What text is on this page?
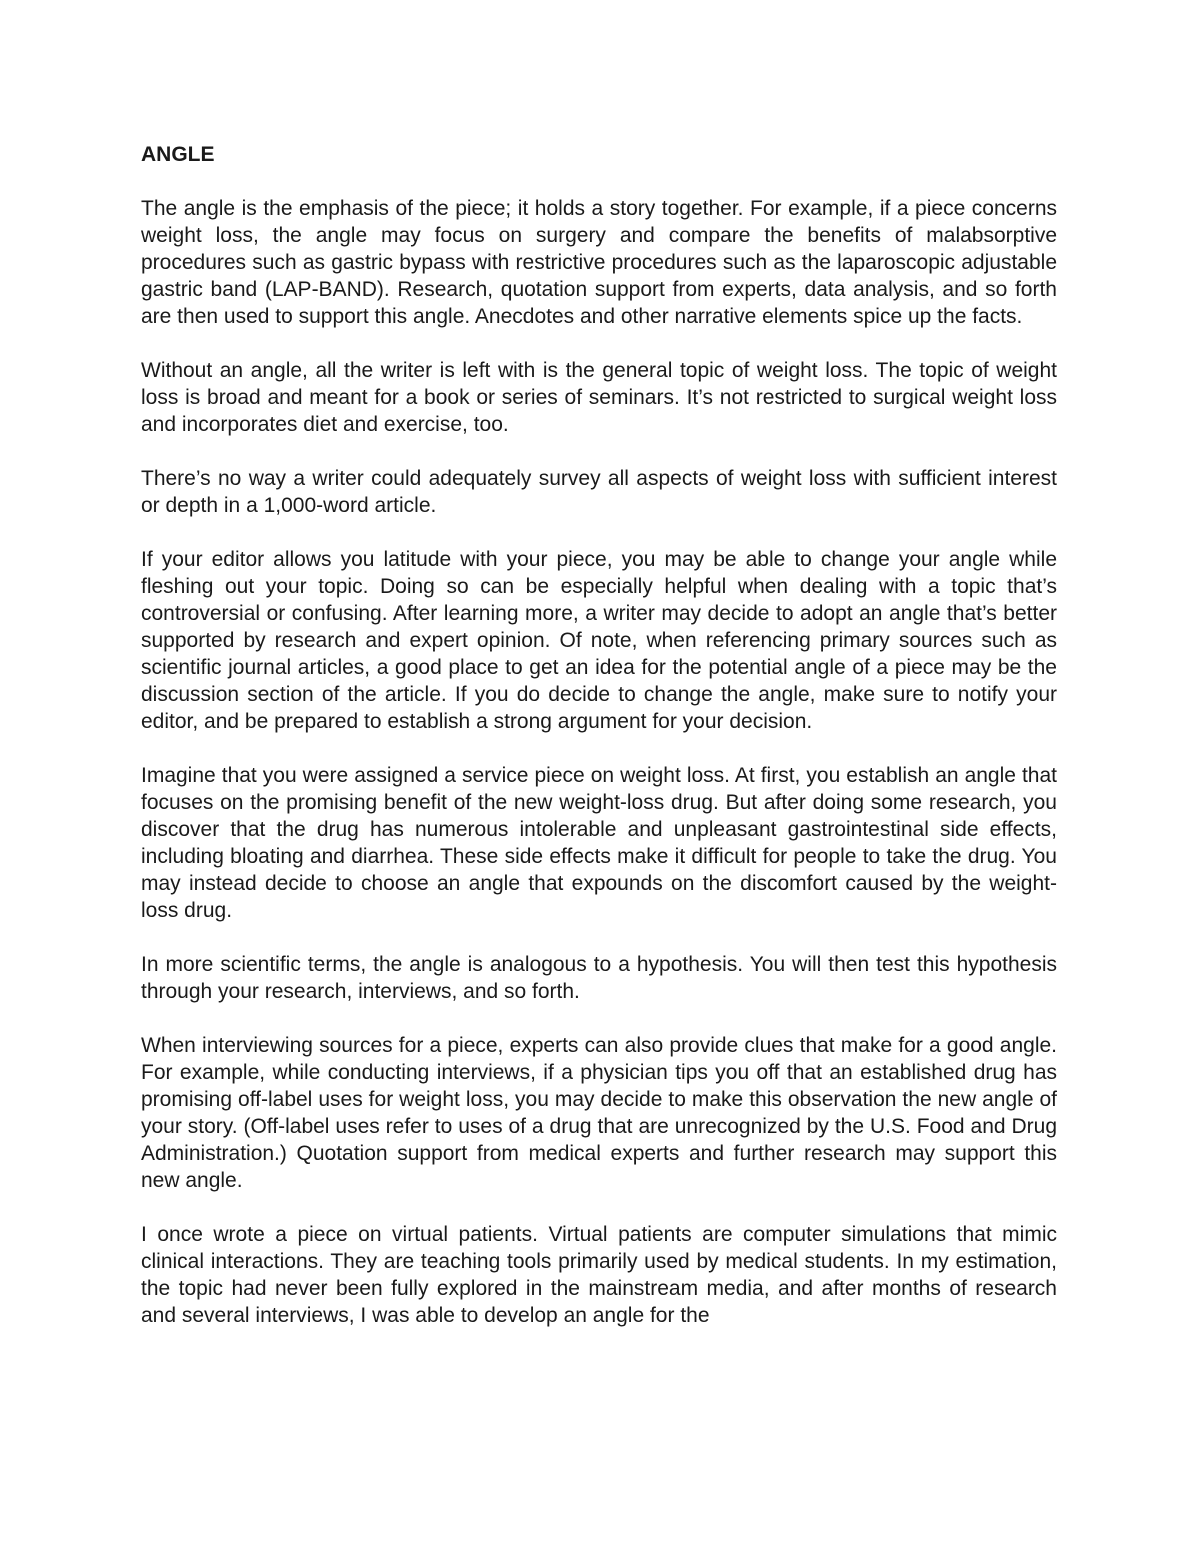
ANGLE

The angle is the emphasis of the piece; it holds a story together. For example, if a piece concerns weight loss, the angle may focus on surgery and compare the benefits of malabsorptive procedures such as gastric bypass with restrictive procedures such as the laparoscopic adjustable gastric band (LAP-BAND). Research, quotation support from experts, data analysis, and so forth are then used to support this angle. Anecdotes and other narrative elements spice up the facts.

Without an angle, all the writer is left with is the general topic of weight loss. The topic of weight loss is broad and meant for a book or series of seminars. It’s not restricted to surgical weight loss and incorporates diet and exercise, too.

There’s no way a writer could adequately survey all aspects of weight loss with sufficient interest or depth in a 1,000-word article.

If your editor allows you latitude with your piece, you may be able to change your angle while fleshing out your topic. Doing so can be especially helpful when dealing with a topic that’s controversial or confusing. After learning more, a writer may decide to adopt an angle that’s better supported by research and expert opinion. Of note, when referencing primary sources such as scientific journal articles, a good place to get an idea for the potential angle of a piece may be the discussion section of the article. If you do decide to change the angle, make sure to notify your editor, and be prepared to establish a strong argument for your decision.

Imagine that you were assigned a service piece on weight loss. At first, you establish an angle that focuses on the promising benefit of the new weight-loss drug. But after doing some research, you discover that the drug has numerous intolerable and unpleasant gastrointestinal side effects, including bloating and diarrhea. These side effects make it difficult for people to take the drug. You may instead decide to choose an angle that expounds on the discomfort caused by the weight-loss drug.

In more scientific terms, the angle is analogous to a hypothesis. You will then test this hypothesis through your research, interviews, and so forth.

When interviewing sources for a piece, experts can also provide clues that make for a good angle. For example, while conducting interviews, if a physician tips you off that an established drug has promising off-label uses for weight loss, you may decide to make this observation the new angle of your story. (Off-label uses refer to uses of a drug that are unrecognized by the U.S. Food and Drug Administration.) Quotation support from medical experts and further research may support this new angle.

I once wrote a piece on virtual patients. Virtual patients are computer simulations that mimic clinical interactions. They are teaching tools primarily used by medical students. In my estimation, the topic had never been fully explored in the mainstream media, and after months of research and several interviews, I was able to develop an angle for the
